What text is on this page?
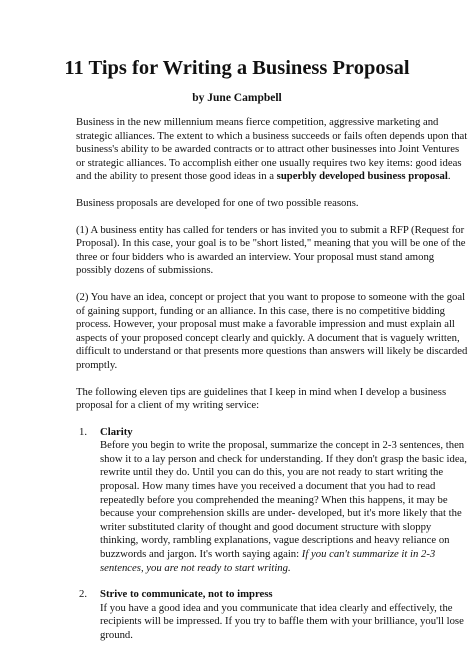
11 Tips for Writing a Business Proposal
by June Campbell

Business in the new millennium means fierce competition, aggressive marketing and strategic alliances. The extent to which a business succeeds or fails often depends upon that business's ability to be awarded contracts or to attract other businesses into Joint Ventures or strategic alliances. To accomplish either one usually requires two key items: good ideas and the ability to present those good ideas in a superbly developed business proposal.

Business proposals are developed for one of two possible reasons.

(1) A business entity has called for tenders or has invited you to submit a RFP (Request for Proposal). In this case, your goal is to be "short listed," meaning that you will be one of the three or four bidders who is awarded an interview. Your proposal must stand among possibly dozens of submissions.

(2) You have an idea, concept or project that you want to propose to someone with the goal of gaining support, funding or an alliance. In this case, there is no competitive bidding process. However, your proposal must make a favorable impression and must explain all aspects of your proposed concept clearly and quickly. A document that is vaguely written, difficult to understand or that presents more questions than answers will likely be discarded promptly.

The following eleven tips are guidelines that I keep in mind when I develop a business proposal for a client of my writing service:

1. Clarity
Before you begin to write the proposal, summarize the concept in 2-3 sentences, then show it to a lay person and check for understanding. If they don't grasp the basic idea, rewrite until they do. Until you can do this, you are not ready to start writing the proposal. How many times have you received a document that you had to read repeatedly before you comprehended the meaning? When this happens, it may be because your comprehension skills are under- developed, but it's more likely that the writer substituted clarity of thought and good document structure with sloppy thinking, wordy, rambling explanations, vague descriptions and heavy reliance on buzzwords and jargon. It's worth saying again: If you can't summarize it in 2-3 sentences, you are not ready to start writing.
2. Strive to communicate, not to impress
If you have a good idea and you communicate that idea clearly and effectively, the recipients will be impressed. If you try to baffle them with your brilliance, you'll lose ground.
